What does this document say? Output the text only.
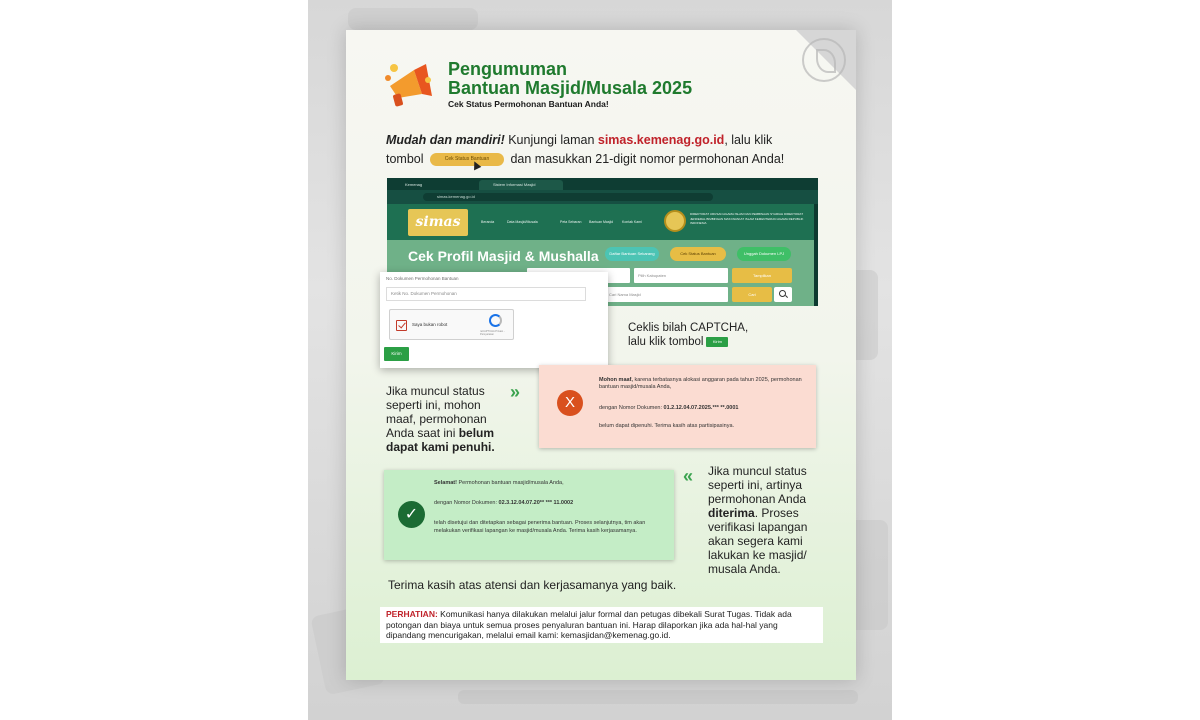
Pengumuman
Bantuan Masjid/Musala 2025
Cek Status Permohonan Bantuan Anda!
Mudah dan mandiri! Kunjungi laman simas.kemenag.go.id, lalu klik tombol	Cek Status Bantuan
dan masukkan 21-digit nomor permohonan Anda!
Kemenag	Sistem Informasi Masjid
simas.kemenag.go.id
simas	Beranda	Data Masjid/Musala	Peta Sebaran Bantuan Masjid	Kontak Kami
DIREKTORAT URUSAN AGAMA ISLAM DAN PEMBINAAN SYARIAH DIREKTORAT JENDERAL BIMBINGAN MASYARAKAT ISLAM KEMENTERIAN AGAMA REPUBLIK INDONESIA
Cek Profil Masjid & Mushalla	Daftar Bantuan Sekarang	Cek Status Bantuan	Unggah Dokumen LPJ
Pilih Kabupaten	Tampilkan
Cari Nama Masjid	Cari
No. Dokumen Permohonan Bantuan
Ketik No. Dokumen Permohonan
Saya bukan robot
reCAPTCHA Privasi - Persyaratan
Kirim
Ceklis bilah CAPTCHA,
lalu klik tombol Kirim
Jika muncul status seperti ini, mohon maaf, permohonan Anda saat ini belum dapat kami penuhi.
»
X
Mohon maaf, karena terbatasnya alokasi anggaran pada tahun 2025, permohonan bantuan masjid/musala Anda,
dengan Nomor Dokumen: 01.2.12.04.07.2025.*** **.0001
belum dapat dipenuhi. Terima kasih atas partisipasinya.
✓
Selamat! Permohonan bantuan masjid/musala Anda,
dengan Nomor Dokumen: 02.3.12.04.07.20** *** 11.0002
telah disetujui dan ditetapkan sebagai penerima bantuan. Proses selanjutnya, tim akan melakukan verifikasi lapangan ke masjid/musala Anda. Terima kasih kerjasamanya.
« Jika muncul status seperti ini, artinya permohonan Anda diterima. Proses verifikasi lapangan akan segera kami lakukan ke masjid/ musala Anda.
Terima kasih atas atensi dan kerjasamanya yang baik.
PERHATIAN: Komunikasi hanya dilakukan melalui jalur formal dan petugas dibekali Surat Tugas. Tidak ada potongan dan biaya untuk semua proses penyaluran bantuan ini. Harap dilaporkan jika ada hal-hal yang dipandang mencurigakan, melalui email kami: kemasjidan@kemenag.go.id.
